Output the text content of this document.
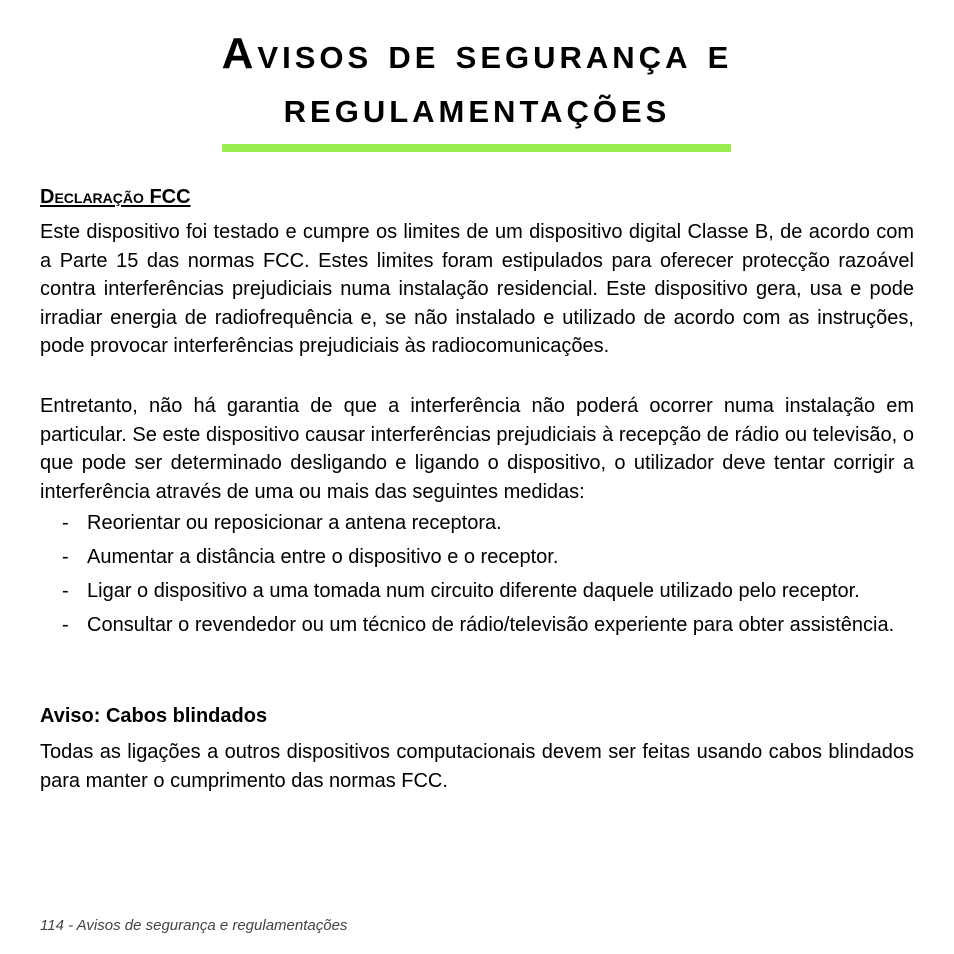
Avisos de segurança e
regulamentações
Declaração FCC

Este dispositivo foi testado e cumpre os limites de um dispositivo digital Classe B, de acordo com a Parte 15 das normas FCC. Estes limites foram estipulados para oferecer protecção razoável contra interferências prejudiciais numa instalação residencial. Este dispositivo gera, usa e pode irradiar energia de radiofrequência e, se não instalado e utilizado de acordo com as instruções, pode provocar interferências prejudiciais às radiocomunicações.

Entretanto, não há garantia de que a interferência não poderá ocorrer numa instalação em particular. Se este dispositivo causar interferências prejudiciais à recepção de rádio ou televisão, o que pode ser determinado desligando e ligando o dispositivo, o utilizador deve tentar corrigir a interferência através de uma ou mais das seguintes medidas:

- Reorientar ou reposicionar a antena receptora.
- Aumentar a distância entre o dispositivo e o receptor.
- Ligar o dispositivo a uma tomada num circuito diferente daquele utilizado pelo receptor.
- Consultar o revendedor ou um técnico de rádio/televisão experiente para obter assistência.
Aviso: Cabos blindados

Todas as ligações a outros dispositivos computacionais devem ser feitas usando cabos blindados para manter o cumprimento das normas FCC.

114 - Avisos de segurança e regulamentações
